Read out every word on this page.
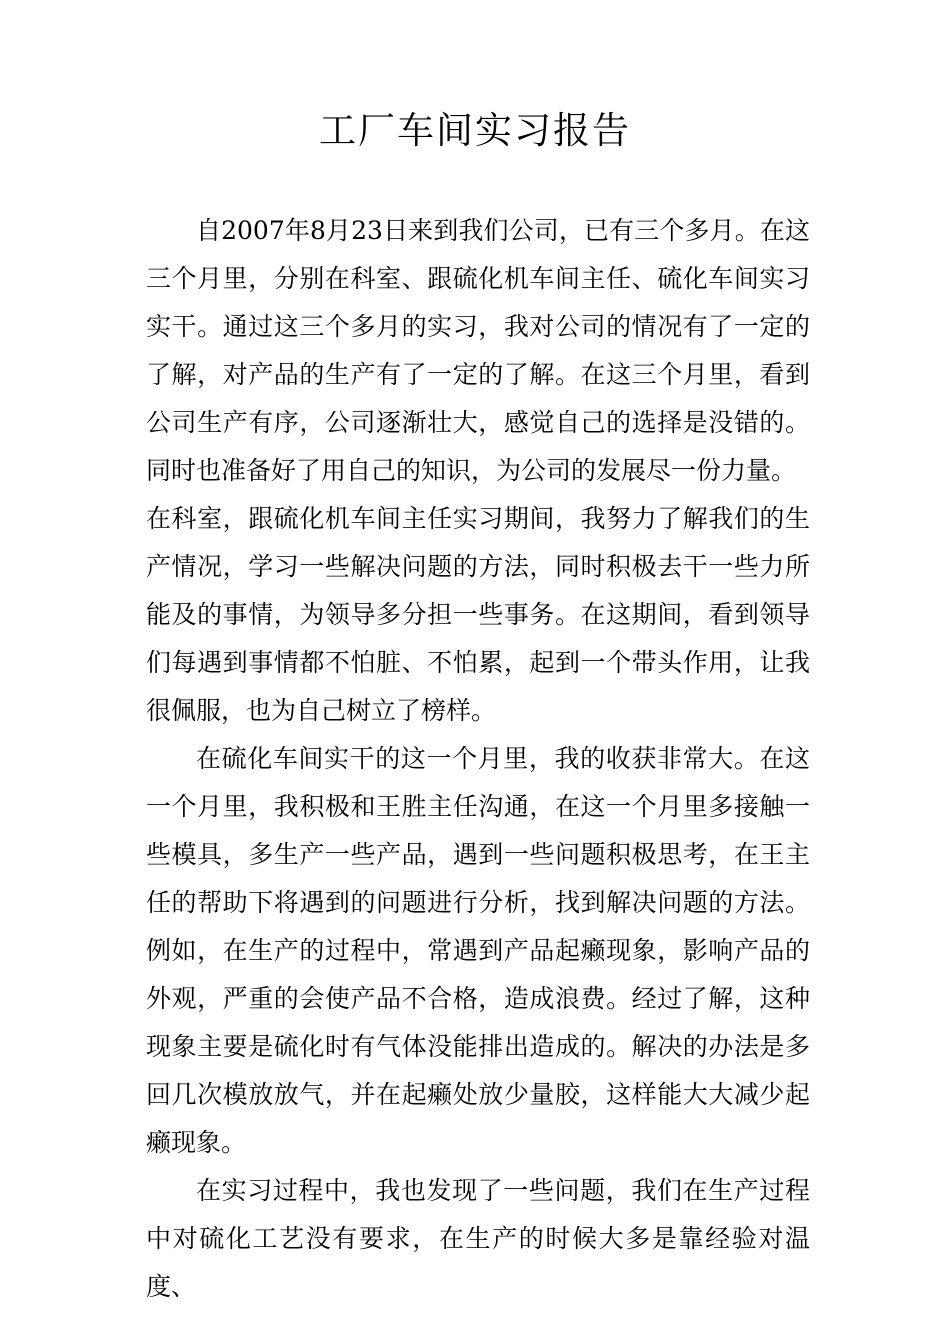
工厂车间实习报告

自2007年8月23日来到我们公司，已有三个多月。在这三个月里，分别在科室、跟硫化机车间主任、硫化车间实习实干。通过这三个多月的实习，我对公司的情况有了一定的了解，对产品的生产有了一定的了解。在这三个月里，看到公司生产有序，公司逐渐壮大，感觉自己的选择是没错的。同时也准备好了用自己的知识，为公司的发展尽一份力量。

在科室，跟硫化机车间主任实习期间，我努力了解我们的生产情况，学习一些解决问题的方法，同时积极去干一些力所能及的事情，为领导多分担一些事务。在这期间，看到领导们每遇到事情都不怕脏、不怕累，起到一个带头作用，让我很佩服，也为自己树立了榜样。

在硫化车间实干的这一个月里，我的收获非常大。在这一个月里，我积极和王胜主任沟通，在这一个月里多接触一些模具，多生产一些产品，遇到一些问题积极思考，在王主任的帮助下将遇到的问题进行分析，找到解决问题的方法。例如，在生产的过程中，常遇到产品起癞现象，影响产品的外观，严重的会使产品不合格，造成浪费。经过了解，这种现象主要是硫化时有气体没能排出造成的。解决的办法是多回几次模放放气，并在起癞处放少量胶，这样能大大减少起癞现象。

在实习过程中，我也发现了一些问题，我们在生产过程中对硫化工艺没有要求，在生产的时候大多是靠经验对温度、
